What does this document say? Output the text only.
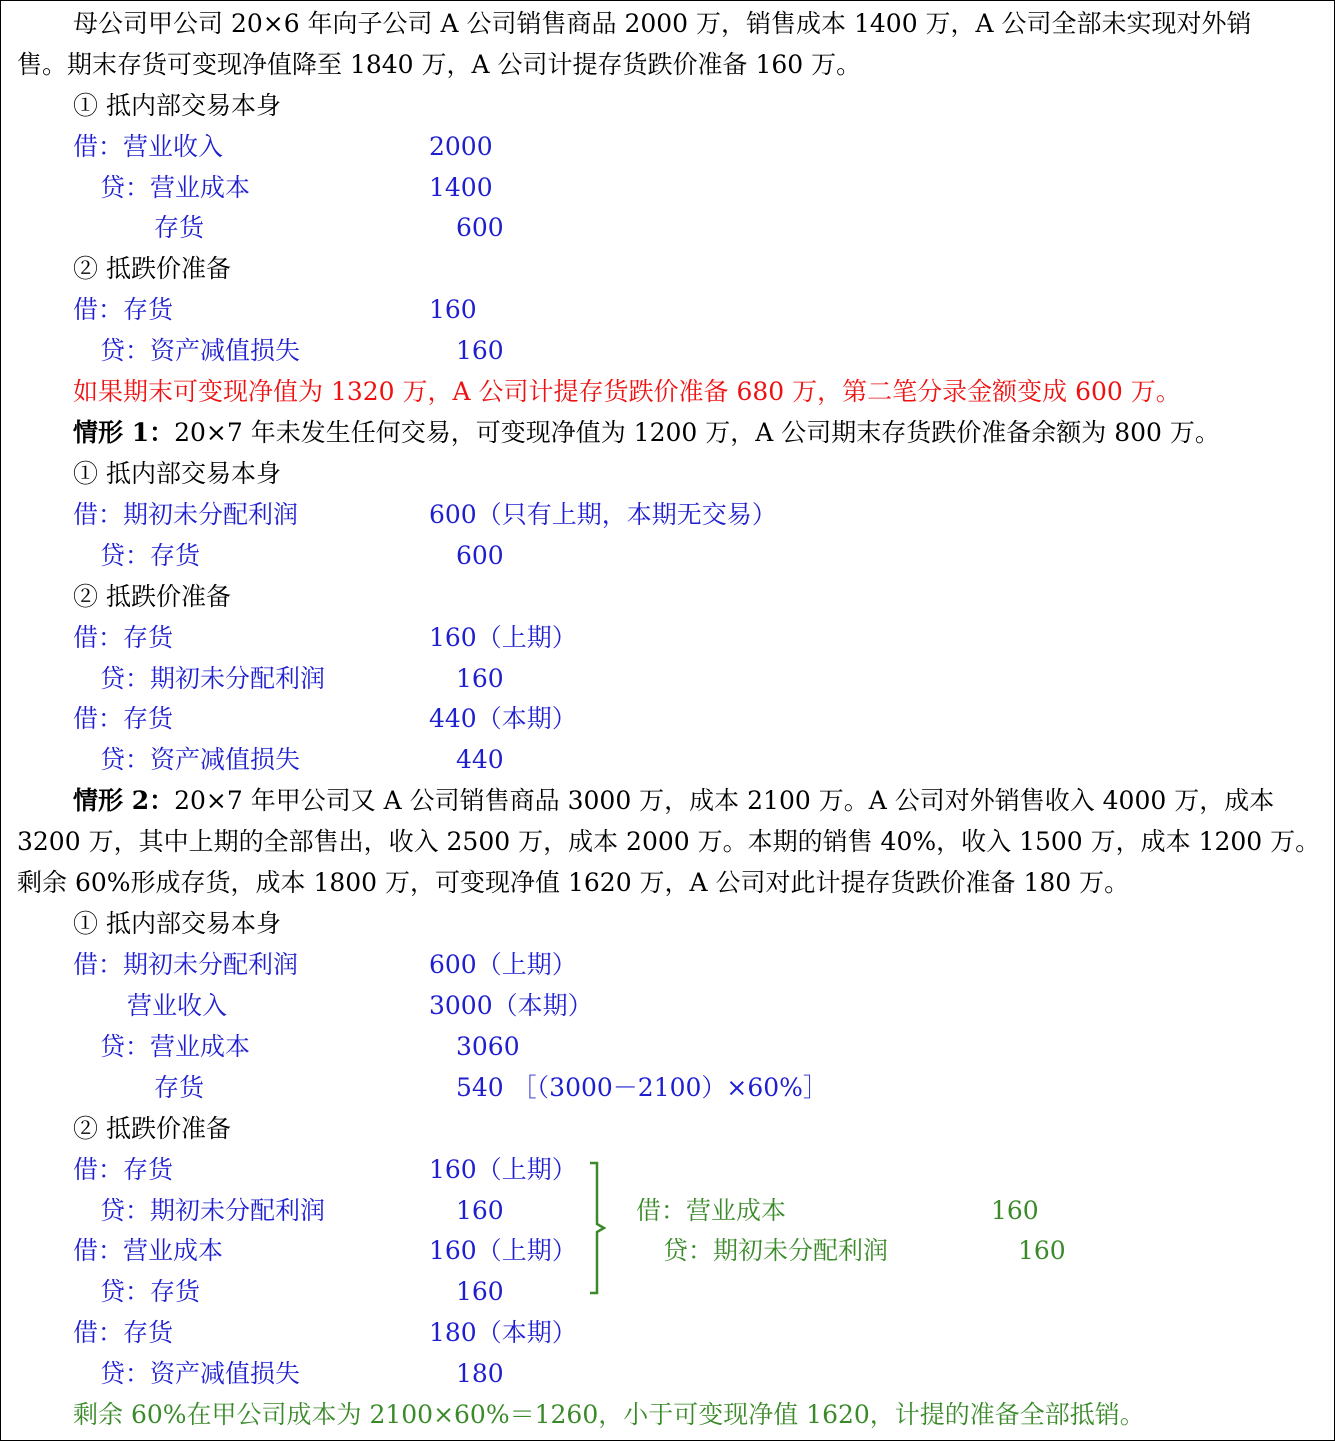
母公司甲公司 20×6 年向子公司 A 公司销售商品 2000 万，销售成本 1400 万，A 公司全部未实现对外销
售。期末存货可变现净值降至 1840 万，A 公司计提存货跌价准备 160 万。
① 抵内部交易本身
借：营业收入	2000
贷：营业成本	1400
存货	600
② 抵跌价准备
借：存货	160
贷：资产减值损失	160
如果期末可变现净值为 1320 万，A 公司计提存货跌价准备 680 万，第二笔分录金额变成 600 万。
情形 1：20×7 年未发生任何交易，可变现净值为 1200 万，A 公司期末存货跌价准备余额为 800 万。
① 抵内部交易本身
借：期初未分配利润	600（只有上期，本期无交易）
贷：存货	600
② 抵跌价准备
借：存货	160（上期）
贷：期初未分配利润	160
借：存货	440（本期）
贷：资产减值损失	440
情形 2：20×7 年甲公司又 A 公司销售商品 3000 万，成本 2100 万。A 公司对外销售收入 4000 万，成本
3200 万，其中上期的全部售出，收入 2500 万，成本 2000 万。本期的销售 40%，收入 1500 万，成本 1200 万。
剩余 60%形成存货，成本 1800 万，可变现净值 1620 万，A 公司对此计提存货跌价准备 180 万。
① 抵内部交易本身
借：期初未分配利润	600（上期）
营业收入	3000（本期）
贷：营业成本	3060
存货	540 ［（3000－2100）×60%］
② 抵跌价准备
借：存货	160（上期）
贷：期初未分配利润	160
借：营业成本	160（上期）
贷：存货	160
借：存货	180（本期）
贷：资产减值损失	180
借：营业成本	160
贷：期初未分配利润	160
剩余 60%在甲公司成本为 2100×60%＝1260，小于可变现净值 1620，计提的准备全部抵销。
